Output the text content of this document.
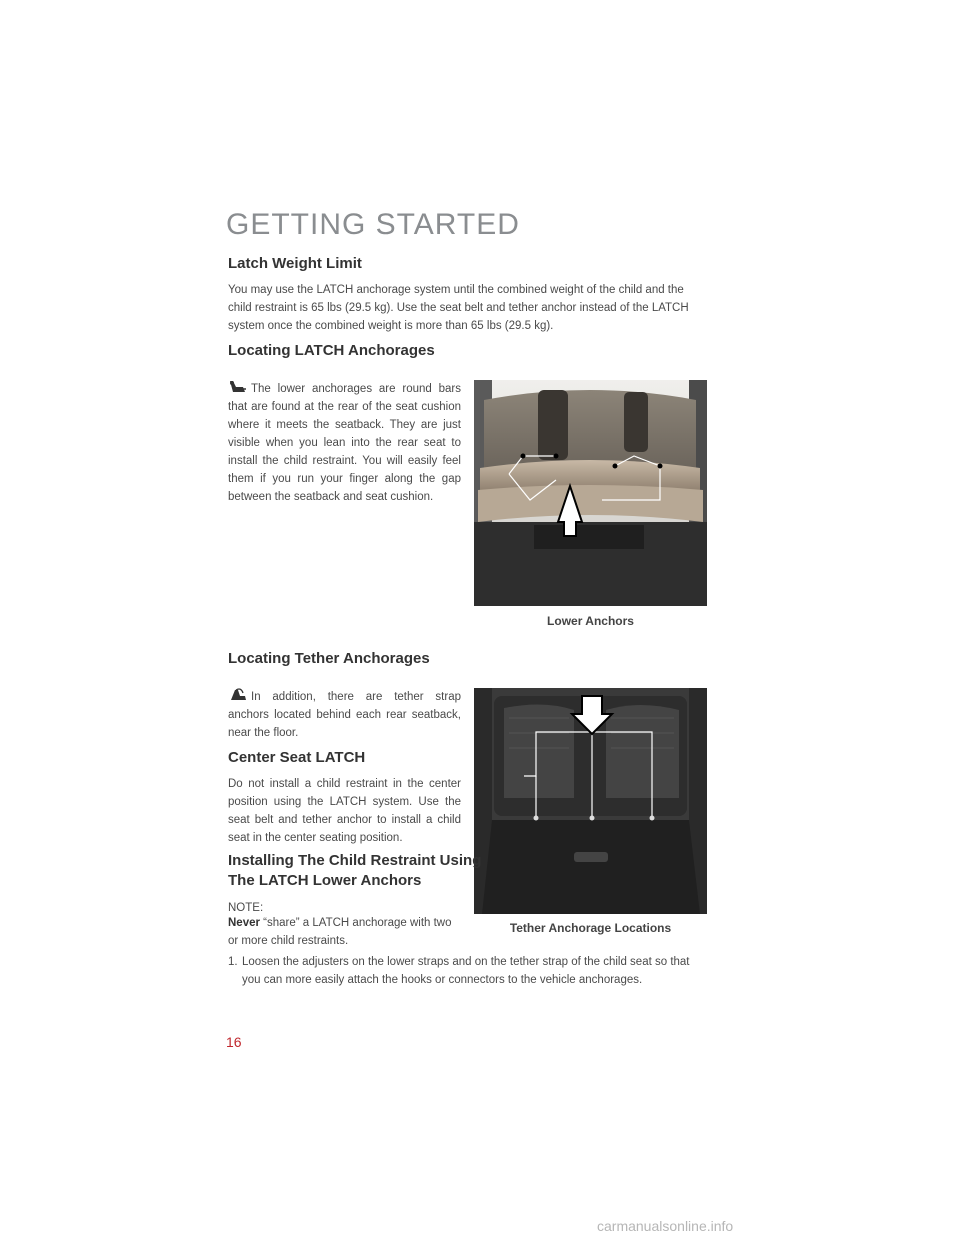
GETTING STARTED
Latch Weight Limit

You may use the LATCH anchorage system until the combined weight of the child and the child restraint is 65 lbs (29.5 kg). Use the seat belt and tether anchor instead of the LATCH system once the combined weight is more than 65 lbs (29.5 kg).

Locating LATCH Anchorages

The lower anchorages are round bars that are found at the rear of the seat cushion where it meets the seatback. They are just visible when you lean into the rear seat to install the child restraint. You will easily feel them if you run your finger along the gap between the seatback and seat cushion.

Lower Anchors
Locating Tether Anchorages

In addition, there are tether strap anchors located behind each rear seatback, near the floor.

Tether Anchorage Locations
Center Seat LATCH

Do not install a child restraint in the center position using the LATCH system. Use the seat belt and tether anchor to install a child seat in the center seating position.

Installing The Child Restraint Using
The LATCH Lower Anchors

NOTE:

Never “share” a LATCH anchorage with two or more child restraints.

1. Loosen the adjusters on the lower straps and on the tether strap of the child seat so that you can more easily attach the hooks or connectors to the vehicle anchorages.
16
carmanualsonline.info
